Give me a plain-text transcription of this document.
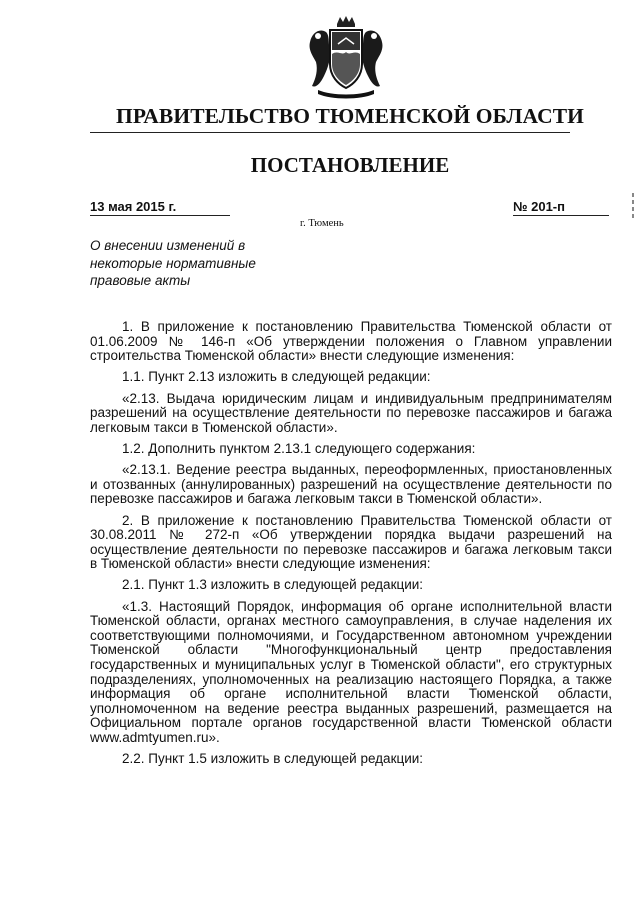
ПРАВИТЕЛЬСТВО ТЮМЕНСКОЙ ОБЛАСТИ
ПОСТАНОВЛЕНИЕ
13 мая 2015 г.	№ 201-п
г. Тюмень
О внесении изменений в некоторые нормативные правовые акты

1. В приложение к постановлению Правительства Тюменской области от 01.06.2009 № 146-п «Об утверждении положения о Главном управлении строительства Тюменской области» внести следующие изменения:

1.1. Пункт 2.13 изложить в следующей редакции:

«2.13. Выдача юридическим лицам и индивидуальным предпринимателям разрешений на осуществление деятельности по перевозке пассажиров и багажа легковым такси в Тюменской области».

1.2. Дополнить пунктом 2.13.1 следующего содержания:

«2.13.1. Ведение реестра выданных, переоформленных, приостановленных и отозванных (аннулированных) разрешений на осуществление деятельности по перевозке пассажиров и багажа легковым такси в Тюменской области».

2. В приложение к постановлению Правительства Тюменской области от 30.08.2011 № 272-п «Об утверждении порядка выдачи разрешений на осуществление деятельности по перевозке пассажиров и багажа легковым такси в Тюменской области» внести следующие изменения:

2.1. Пункт 1.3 изложить в следующей редакции:

«1.3. Настоящий Порядок, информация об органе исполнительной власти Тюменской области, органах местного самоуправления, в случае наделения их соответствующими полномочиями, и Государственном автономном учреждении Тюменской области "Многофункциональный центр предоставления государственных и муниципальных услуг в Тюменской области", его структурных подразделениях, уполномоченных на реализацию настоящего Порядка, а также информация об органе исполнительной власти Тюменской области, уполномоченном на ведение реестра выданных разрешений, размещается на Официальном портале органов государственной власти Тюменской области www.admtyumen.ru».

2.2. Пункт 1.5 изложить в следующей редакции:
